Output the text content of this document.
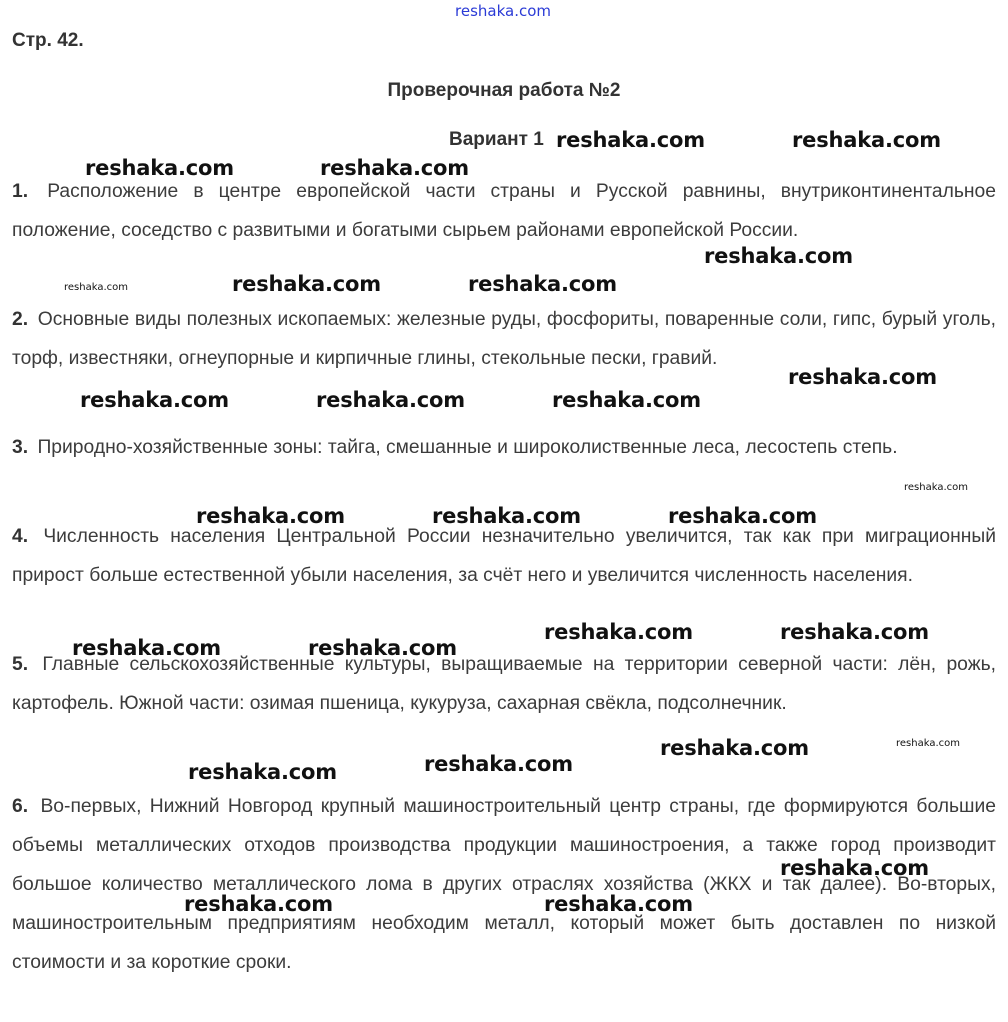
reshaka.com
Стр. 42.
Проверочная работа №2
Вариант 1
1. Расположение в центре европейской части страны и Русской равнины, внутриконтинентальное положение, соседство с развитыми и богатыми сырьем районами европейской России.
2. Основные виды полезных ископаемых: железные руды, фосфориты, поваренные соли, гипс, бурый уголь, торф, известняки, огнеупорные и кирпичные глины, стекольные пески, гравий.
3. Природно-хозяйственные зоны: тайга, смешанные и широколиственные леса, лесостепь степь.
4. Численность населения Центральной России незначительно увеличится, так как при миграционный прирост больше естественной убыли населения, за счёт него и увеличится численность населения.
5. Главные сельскохозяйственные культуры, выращиваемые на территории северной части: лён, рожь, картофель. Южной части: озимая пшеница, кукуруза, сахарная свёкла, подсолнечник.
6. Во-первых, Нижний Новгород крупный машиностроительный центр страны, где формируются большие объемы металлических отходов производства продукции машиностроения, а также город производит большое количество металлического лома в других отраслях хозяйства (ЖКХ и так далее). Во-вторых, машиностроительным предприятиям необходим металл, который может быть доставлен по низкой стоимости и за короткие сроки.
reshaka.com	reshaka.com
reshaka.com	reshaka.com
reshaka.com
reshaka.com	reshaka.com
reshaka.com
reshaka.com	reshaka.com	reshaka.com
reshaka.com	reshaka.com	reshaka.com
reshaka.com	reshaka.com
reshaka.com	reshaka.com
reshaka.com
reshaka.com
reshaka.com
reshaka.com
reshaka.com	reshaka.com
reshaka.com
reshaka.com
reshaka.com
